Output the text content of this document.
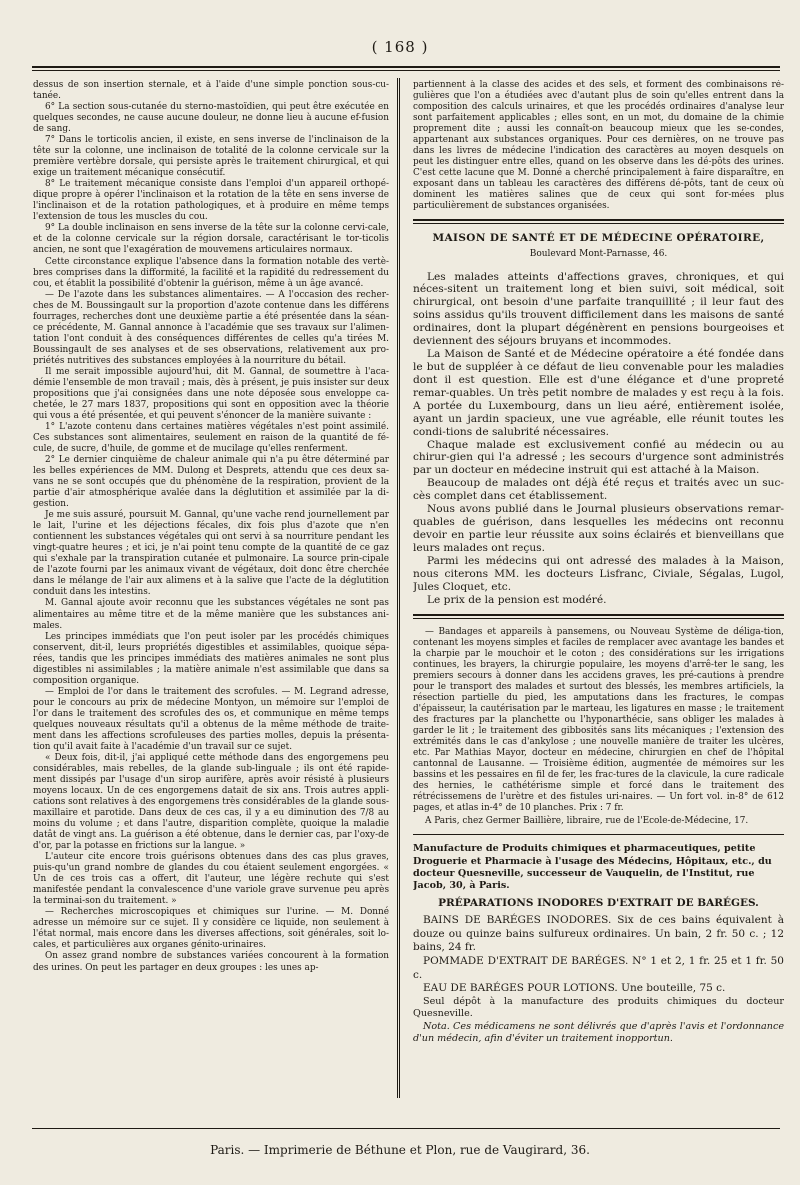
( 168 )

dessus de son insertion sternale, et à l'aide d'une simple ponction sous-cu-tanée.

6° La section sous-cutanée du sterno-mastoïdien, qui peut être exécutée en quelques secondes, ne cause aucune douleur, ne donne lieu à aucune ef-fusion de sang.

7° Dans le torticolis ancien, il existe, en sens inverse de l'inclinaison de la tête sur la colonne, une inclinaison de totalité de la colonne cervicale sur la première vertèbre dorsale, qui persiste après le traitement chirurgical, et qui exige un traitement mécanique consécutif.

8° Le traitement mécanique consiste dans l'emploi d'un appareil orthopé-dique propre à opérer l'inclinaison et la rotation de la tête en sens inverse de l'inclinaison et de la rotation pathologiques, et à produire en même temps l'extension de tous les muscles du cou.

9° La double inclinaison en sens inverse de la tête sur la colonne cervi-cale, et de la colonne cervicale sur la région dorsale, caractérisant le tor-ticolis ancien, ne sont que l'exagération de mouvemens articulaires normaux.

Cette circonstance explique l'absence dans la formation notable des vertè-bres comprises dans la difformité, la facilité et la rapidité du redressement du cou, et établit la possibilité d'obtenir la guérison, même à un âge avancé.

— De l'azote dans les substances alimentaires. — A l'occasion des recher-ches de M. Boussingault sur la proportion d'azote contenue dans les différens fourrages, recherches dont une deuxième partie a été présentée dans la séan-ce précédente, M. Gannal annonce à l'académie que ses travaux sur l'alimen-tation l'ont conduit à des conséquences différentes de celles qu'a tirées M. Boussingault de ses analyses et de ses observations, relativement aux pro-priétés nutritives des substances employées à la nourriture du bétail.

Il me serait impossible aujourd'hui, dit M. Gannal, de soumettre à l'aca-démie l'ensemble de mon travail ; mais, dès à présent, je puis insister sur deux propositions que j'ai consignées dans une note déposée sous enveloppe ca-chetée, le 27 mars 1837, propositions qui sont en opposition avec la théorie qui vous a été présentée, et qui peuvent s'énoncer de la manière suivante :

1° L'azote contenu dans certaines matières végétales n'est point assimilé. Ces substances sont alimentaires, seulement en raison de la quantité de fé-cule, de sucre, d'huile, de gomme et de mucilage qu'elles renferment.

2° Le dernier cinquième de chaleur animale qui n'a pu être déterminé par les belles expériences de MM. Dulong et Desprets, attendu que ces deux sa-vans ne se sont occupés que du phénomène de la respiration, provient de la partie d'air atmosphérique avalée dans la déglutition et assimilée par la di-gestion.

Je me suis assuré, poursuit M. Gannal, qu'une vache rend journellement par le lait, l'urine et les déjections fécales, dix fois plus d'azote que n'en contiennent les substances végétales qui ont servi à sa nourriture pendant les vingt-quatre heures ; et ici, je n'ai point tenu compte de la quantité de ce gaz qui s'exhale par la transpiration cutanée et pulmonaire. La source prin-cipale de l'azote fourni par les animaux vivant de végétaux, doit donc être cherchée dans le mélange de l'air aux alimens et à la salive que l'acte de la déglutition conduit dans les intestins.

M. Gannal ajoute avoir reconnu que les substances végétales ne sont pas alimentaires au même titre et de la même manière que les substances ani-males.

Les principes immédiats que l'on peut isoler par les procédés chimiques conservent, dit-il, leurs propriétés digestibles et assimilables, quoique sépa-rées, tandis que les principes immédiats des matières animales ne sont plus digestibles ni assimilables ; la matière animale n'est assimilable que dans sa composition organique.

— Emploi de l'or dans le traitement des scrofules. — M. Legrand adresse, pour le concours au prix de médecine Montyon, un mémoire sur l'emploi de l'or dans le traitement des scrofules des os, et communique en même temps quelques nouveaux résultats qu'il a obtenus de la même méthode de traite-ment dans les affections scrofuleuses des parties molles, depuis la présenta-tion qu'il avait faite à l'académie d'un travail sur ce sujet.

« Deux fois, dit-il, j'ai appliqué cette méthode dans des engorgemens peu considérables, mais rebelles, de la glande sub-linguale ; ils ont été rapide-ment dissipés par l'usage d'un sirop aurifère, après avoir résisté à plusieurs moyens locaux. Un de ces engorgemens datait de six ans. Trois autres appli-cations sont relatives à des engorgemens très considérables de la glande sous-maxillaire et parotide. Dans deux de ces cas, il y a eu diminution des 7/8 au moins du volume ; et dans l'autre, disparition complète, quoique la maladie datât de vingt ans. La guérison a été obtenue, dans le dernier cas, par l'oxy-de d'or, par la potasse en frictions sur la langue. »

L'auteur cite encore trois guérisons obtenues dans des cas plus graves, puis-qu'un grand nombre de glandes du cou étaient seulement engorgées. « Un de ces trois cas a offert, dit l'auteur, une légère rechute qui s'est manifestée pendant la convalescence d'une variole grave survenue peu après la terminai-son du traitement. »

— Recherches microscopiques et chimiques sur l'urine. — M. Donné adresse un mémoire sur ce sujet. Il y considère ce liquide, non seulement à l'état normal, mais encore dans les diverses affections, soit générales, soit lo-cales, et particulières aux organes génito-urinaires.

On assez grand nombre de substances variées concourent à la formation des urines. On peut les partager en deux groupes : les unes ap-

partiennent à la classe des acides et des sels, et forment des combinaisons ré-gulières que l'on a étudiées avec d'autant plus de soin qu'elles entrent dans la composition des calculs urinaires, et que les procédés ordinaires d'analyse leur sont parfaitement applicables ; elles sont, en un mot, du domaine de la chimie proprement dite ; aussi les connaît-on beaucoup mieux que les se-condes, appartenant aux substances organiques. Pour ces dernières, on ne trouve pas dans les livres de médecine l'indication des caractères au moyen desquels on peut les distinguer entre elles, quand on les observe dans les dé-pôts des urines. C'est cette lacune que M. Donné a cherché principalement à faire disparaître, en exposant dans un tableau les caractères des différens dé-pôts, tant de ceux où dominent les matières salines que de ceux qui sont for-mées plus particulièrement de substances organisées.

MAISON DE SANTÉ ET DE MÉDECINE OPÉRATOIRE,
Boulevard Mont-Parnasse, 46.

Les malades atteints d'affections graves, chroniques, et qui néces-sitent un traitement long et bien suivi, soit médical, soit chirurgical, ont besoin d'une parfaite tranquillité ; il leur faut des soins assidus qu'ils trouvent difficilement dans les maisons de santé ordinaires, dont la plupart dégénèrent en pensions bourgeoises et deviennent des séjours bruyans et incommodes.

La Maison de Santé et de Médecine opératoire a été fondée dans le but de suppléer à ce défaut de lieu convenable pour les maladies dont il est question. Elle est d'une élégance et d'une propreté remar-quables. Un très petit nombre de malades y est reçu à la fois. A portée du Luxembourg, dans un lieu aéré, entièrement isolée, ayant un jardin spacieux, une vue agréable, elle réunit toutes les condi-tions de salubrité nécessaires.

Chaque malade est exclusivement confié au médecin ou au chirur-gien qui l'a adressé ; les secours d'urgence sont administrés par un docteur en médecine instruit qui est attaché à la Maison.

Beaucoup de malades ont déjà été reçus et traités avec un suc-cès complet dans cet établissement.

Nous avons publié dans le Journal plusieurs observations remar-quables de guérison, dans lesquelles les médecins ont reconnu devoir en partie leur réussite aux soins éclairés et bienveillans que leurs malades ont reçus.

Parmi les médecins qui ont adressé des malades à la Maison, nous citerons MM. les docteurs Lisfranc, Civiale, Ségalas, Lugol, Jules Cloquet, etc.

Le prix de la pension est modéré.

— Bandages et appareils à pansemens, ou Nouveau Système de déliga-tion, contenant les moyens simples et faciles de remplacer avec avantage les bandes et la charpie par le mouchoir et le coton ; des considérations sur les irrigations continues, les brayers, la chirurgie populaire, les moyens d'arrê-ter le sang, les premiers secours à donner dans les accidens graves, les pré-cautions à prendre pour le transport des malades et surtout des blessés, les membres artificiels, la résection partielle du pied, les amputations dans les fractures, le compas d'épaisseur, la cautérisation par le marteau, les ligatures en masse ; le traitement des fractures par la planchette ou l'hyponarthécie, sans obliger les malades à garder le lit ; le traitement des gibbosités sans lits mécaniques ; l'extension des extrémités dans le cas d'ankylose ; une nouvelle manière de traiter les ulcères, etc. Par Mathias Mayor, docteur en médecine, chirurgien en chef de l'hôpital cantonnal de Lausanne. — Troisième édition, augmentée de mémoires sur les bassins et les pessaires en fil de fer, les frac-tures de la clavicule, la cure radicale des hernies, le cathétérisme simple et forcé dans le traitement des rétrécissemens de l'urètre et des fistules uri-naires. — Un fort vol. in-8° de 612 pages, et atlas in-4° de 10 planches. Prix : 7 fr.

A Paris, chez Germer Baillière, libraire, rue de l'Ecole-de-Médecine, 17.

Manufacture de Produits chimiques et pharmaceutiques, petite Droguerie et Pharmacie à l'usage des Médecins, Hôpitaux, etc., du docteur Quesneville, successeur de Vauquelin, de l'Institut, rue Jacob, 30, à Paris.

PRÉPARATIONS INODORES D'EXTRAIT DE BARÉGES.

BAINS DE BARÉGES INODORES. Six de ces bains équivalent à douze ou quinze bains sulfureux ordinaires. Un bain, 2 fr. 50 c. ; 12 bains, 24 fr.

POMMADE D'EXTRAIT DE BARÉGES. N° 1 et 2, 1 fr. 25 et 1 fr. 50 c.

EAU DE BARÉGES POUR LOTIONS. Une bouteille, 75 c.

Seul dépôt à la manufacture des produits chimiques du docteur Quesneville.

Nota. Ces médicamens ne sont délivrés que d'après l'avis et l'ordonnance d'un médecin, afin d'éviter un traitement inopportun.

Paris. — Imprimerie de Béthune et Plon, rue de Vaugirard, 36.
